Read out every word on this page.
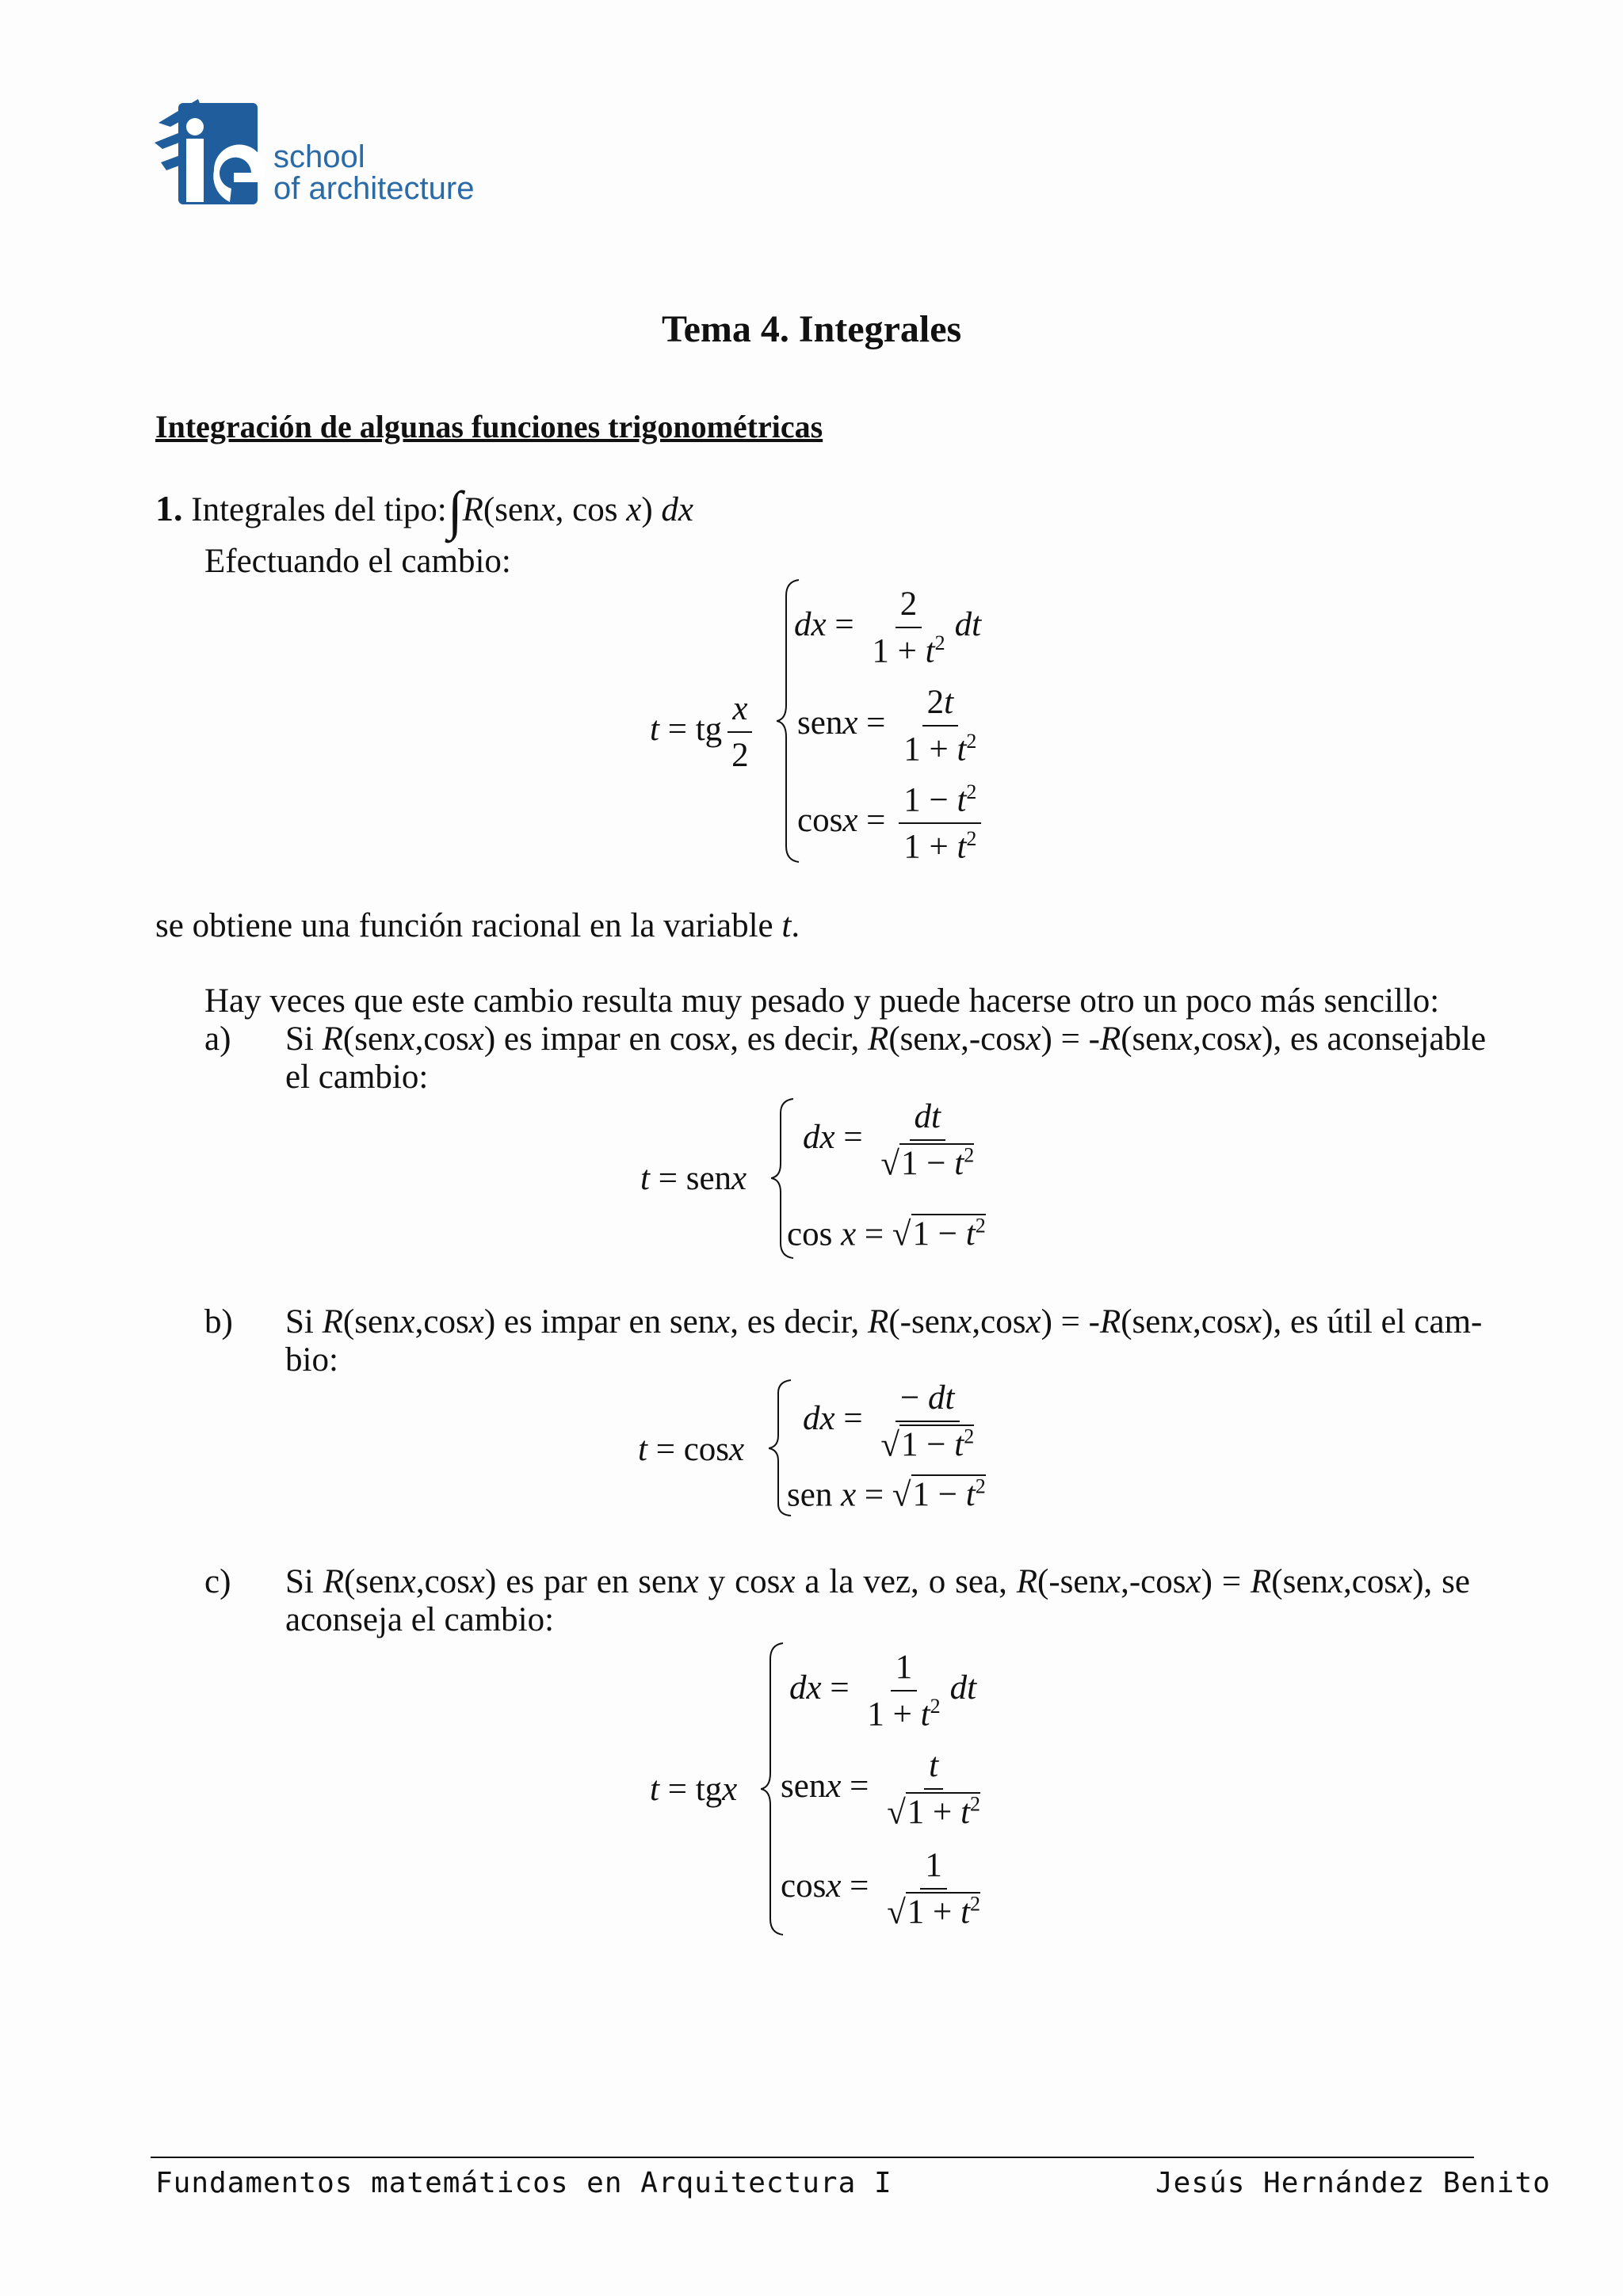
school
of architecture
Tema 4. Integrales
Integración de algunas funciones trigonométricas
1. Integrales del tipo: ∫R(senx, cos x) dx
Efectuando el cambio:
t = tg $\frac{x}{2}$
dx = $\frac{2}{1 + t^2}$ dt
senx = $\frac{2t}{1 + t^2}$
$\cos x = \frac{1 - t^2}{1 + t^2}$
se obtiene una función racional en la variable t.
Hay veces que este cambio resulta muy pesado y puede hacerse otro un poco más sencillo:
a) Si R(senx,cosx) es impar en cosx, es decir, R(senx,-cosx) = -R(senx,cosx), es aconsejable
el cambio:
t = senx
dx = $\frac{dt}{√1 - t^2}$
$\cos x = √1 - t^2$
b) Si R(senx,cosx) es impar en senx, es decir, R(-senx,cosx) = -R(senx,cosx), es útil el cam-
bio:
t = cosx
dx = $\frac{- dt}{√1 - t^2}$
sen $x = √1 - t^2$
c) Si R(senx,cosx) es par en senx y cosx a la vez, o sea, R(-senx,-cosx) = R(senx,cosx), se
aconseja el cambio:
t = tgx
dx = $\frac{1}{1 + t^2}$ dt
senx = $\frac{t}{√1 + t^2}$
$\cos x = \frac{1}{√1 + t^2}$
Fundamentos matemáticos en Arquitectura I	Jesús Hernández Benito
